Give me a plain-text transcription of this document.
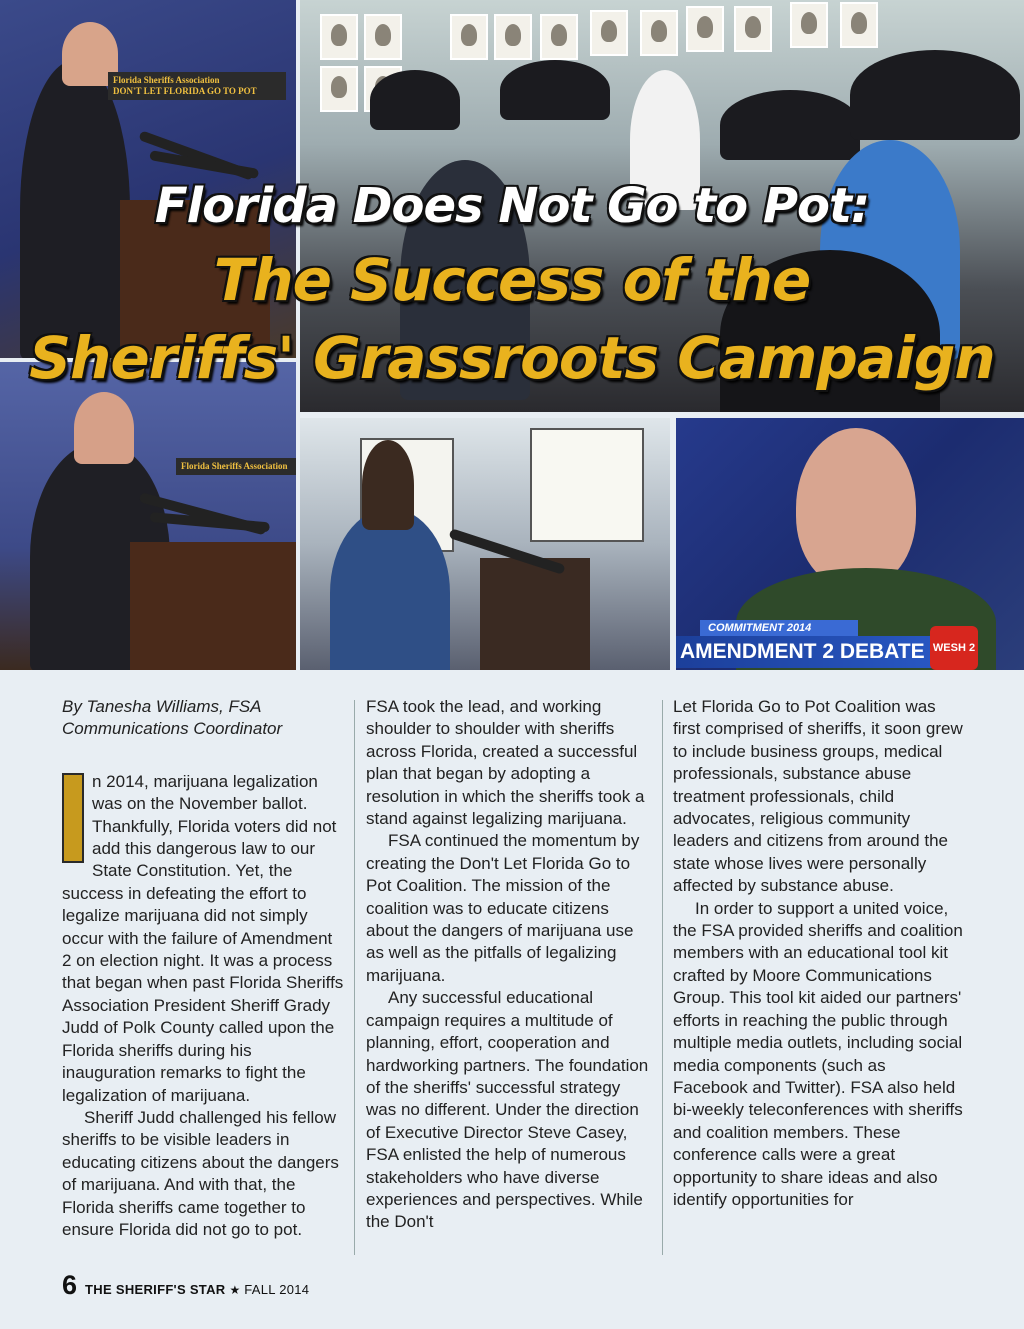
Florida Sheriffs Association
DON'T LET FLORIDA GO TO POT
Florida Sheriffs Association
COMMITMENT 2014
AMENDMENT 2 DEBATE WESH 2
Florida Does Not Go to Pot:
The Success of the
Sheriffs' Grassroots Campaign
By Tanesha Williams, FSA Communications Coordinator

n 2014, marijuana legalization was on the November ballot. Thankfully, Florida voters did not add this dangerous law to our State Constitution. Yet, the success in defeating the effort to legalize marijuana did not simply occur with the failure of Amendment 2 on election night. It was a process that began when past Florida Sheriffs Association President Sheriff Grady Judd of Polk County called upon the Florida sheriffs during his inauguration remarks to fight the legalization of marijuana.

Sheriff Judd challenged his fellow sheriffs to be visible leaders in educating citizens about the dangers of marijuana. And with that, the Florida sheriffs came together to ensure Florida did not go to pot.

FSA took the lead, and working shoulder to shoulder with sheriffs across Florida, created a successful plan that began by adopting a resolution in which the sheriffs took a stand against legalizing marijuana.

FSA continued the momentum by creating the Don't Let Florida Go to Pot Coalition. The mission of the coalition was to educate citizens about the dangers of marijuana use as well as the pitfalls of legalizing marijuana.

Any successful educational campaign requires a multitude of planning, effort, cooperation and hardworking partners. The foundation of the sheriffs' successful strategy was no different. Under the direction of Executive Director Steve Casey, FSA enlisted the help of numerous stakeholders who have diverse experiences and perspectives. While the Don't

Let Florida Go to Pot Coalition was first comprised of sheriffs, it soon grew to include business groups, medical professionals, substance abuse treatment professionals, child advocates, religious community leaders and citizens from around the state whose lives were personally affected by substance abuse.

In order to support a united voice, the FSA provided sheriffs and coalition members with an educational tool kit crafted by Moore Communications Group. This tool kit aided our partners' efforts in reaching the public through multiple media outlets, including social media components (such as Facebook and Twitter). FSA also held bi-weekly teleconferences with sheriffs and coalition members. These conference calls were a great opportunity to share ideas and also identify opportunities for

6 THE SHERIFF'S STAR ★ FALL 2014
